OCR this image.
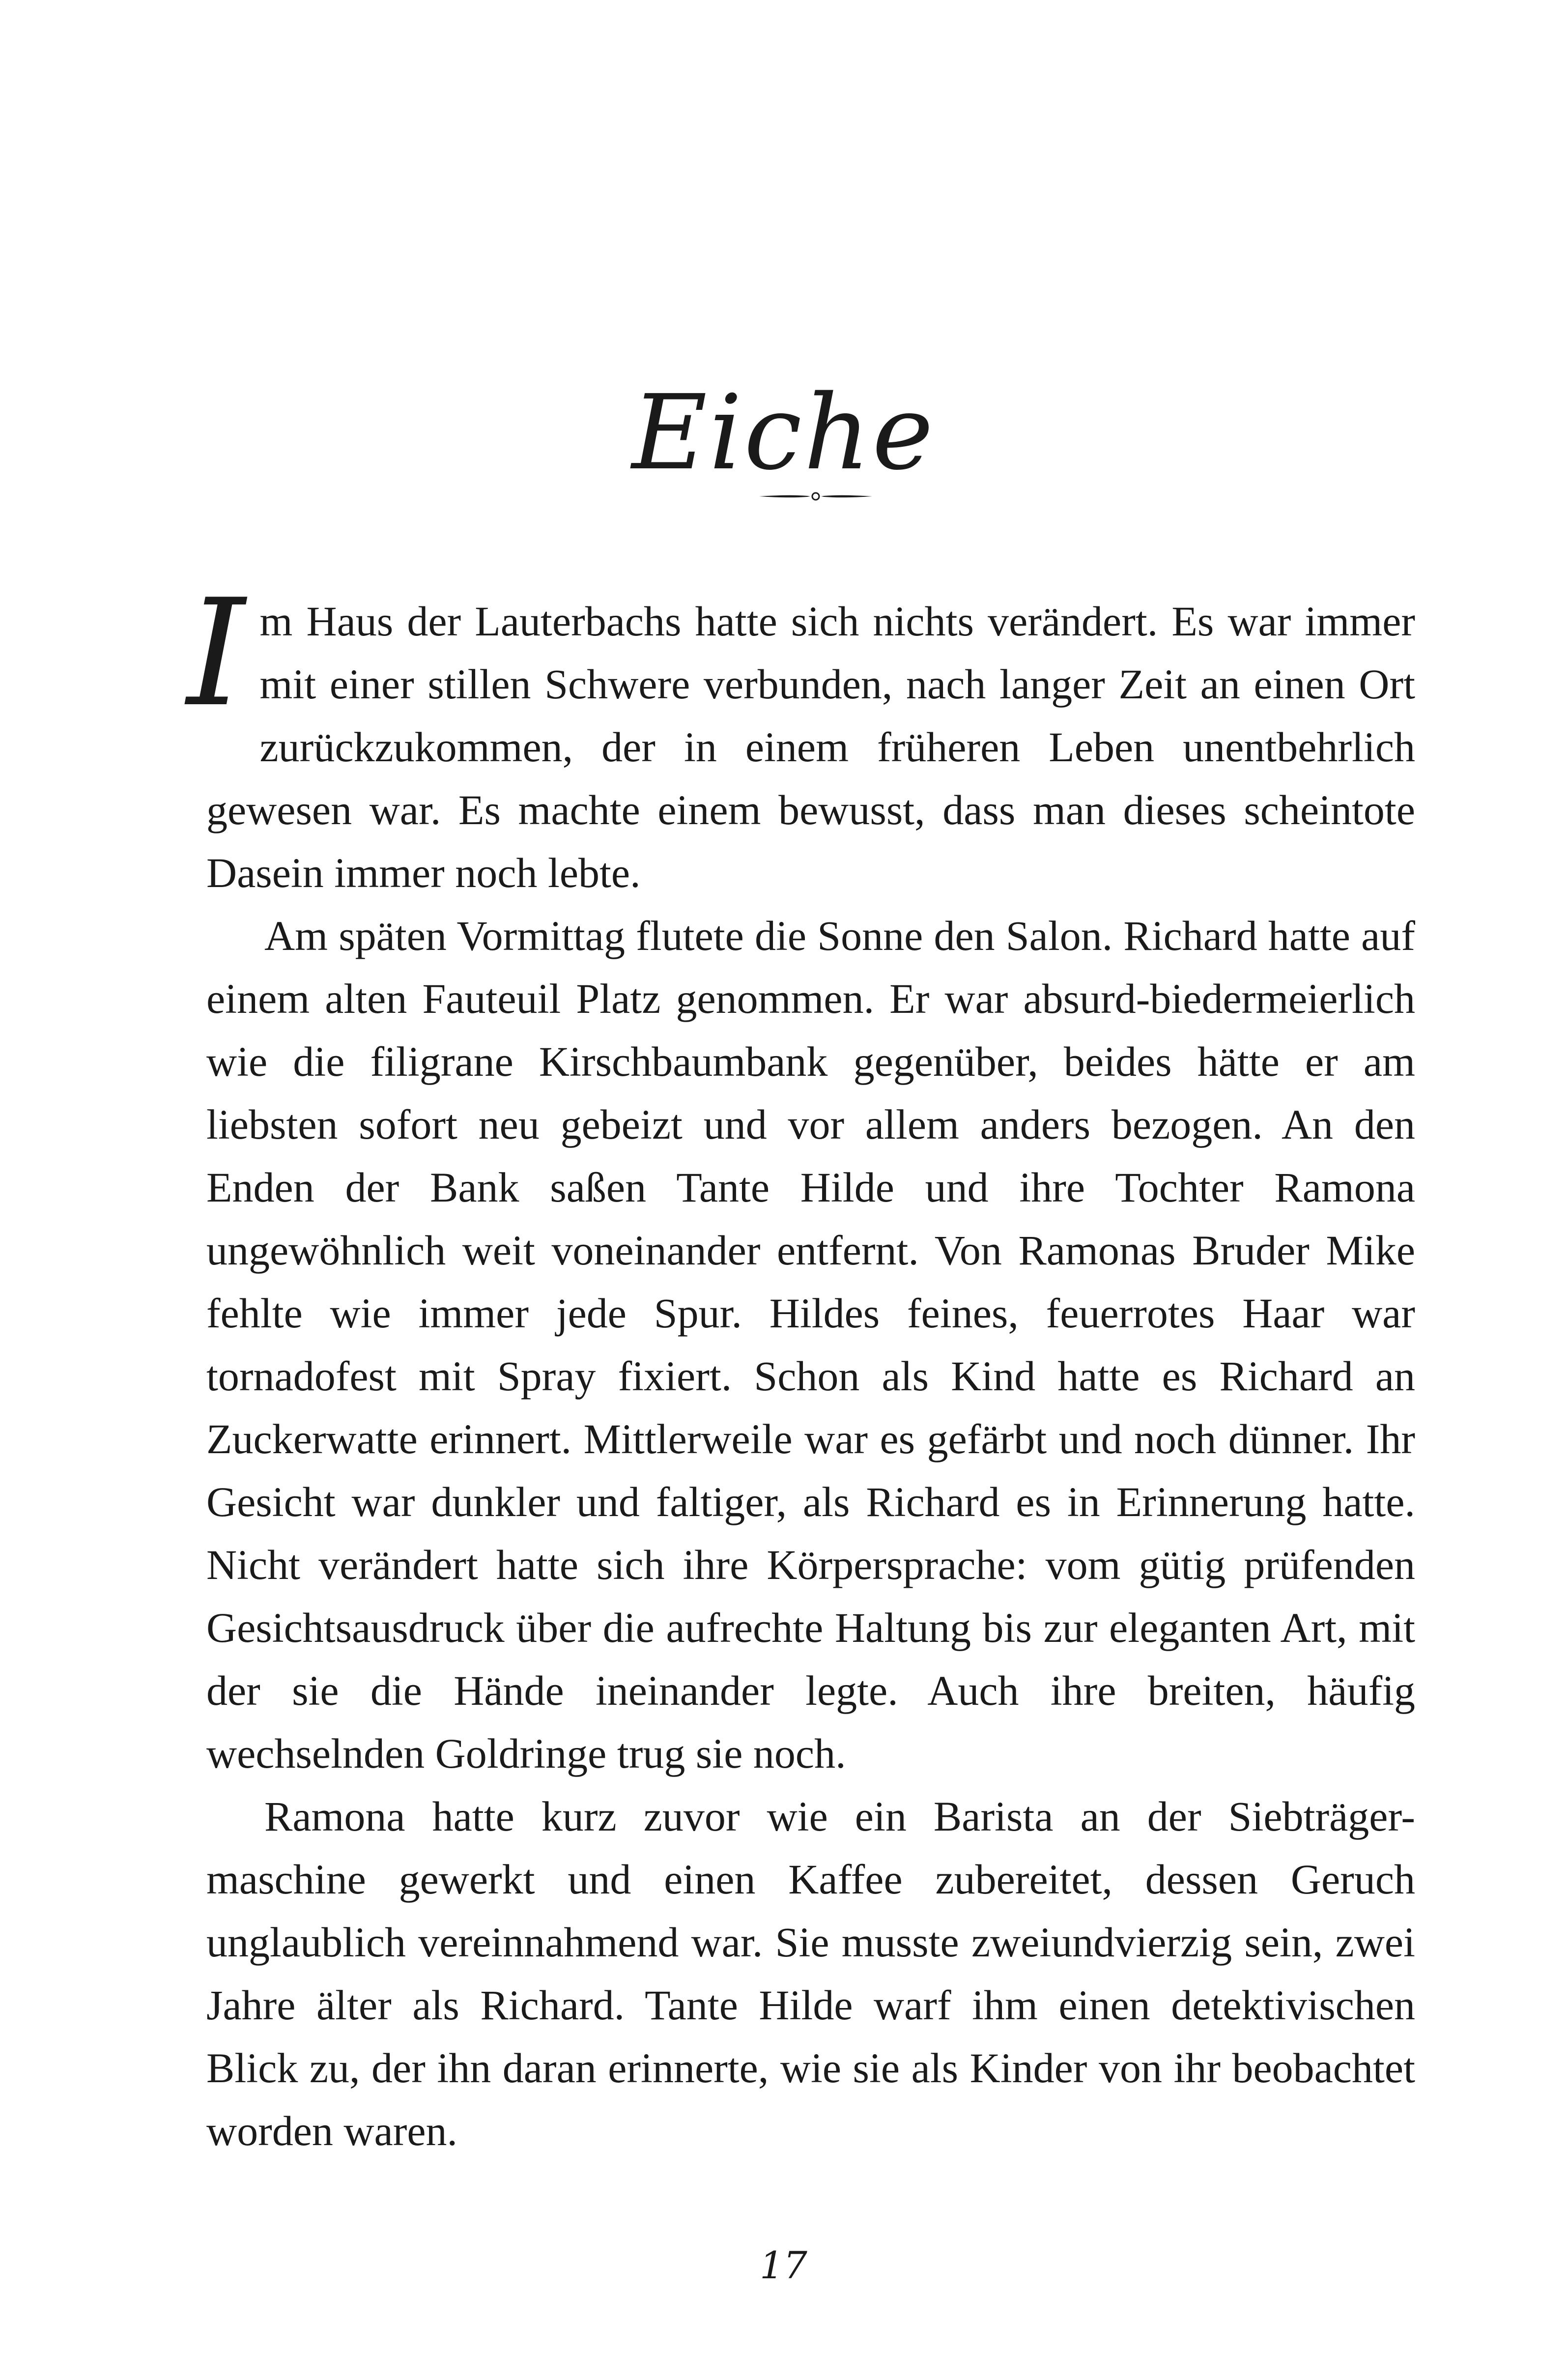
Eiche

Im Haus der Lauterbachs hatte sich nichts verändert. Es war immer mit einer stillen Schwere verbunden, nach langer Zeit an einen Ort zurückzukommen, der in einem früheren Leben unentbehrlich gewesen war. Es machte einem bewusst, dass man dieses scheintote Dasein immer noch lebte.

Am späten Vormittag flutete die Sonne den Salon. Richard hatte auf einem alten Fauteuil Platz genommen. Er war absurd-biedermeierlich wie die filigrane Kirschbaumbank gegenüber, beides hätte er am liebsten sofort neu gebeizt und vor allem anders bezogen. An den Enden der Bank saßen Tante Hilde und ihre Tochter Ramona ungewöhnlich weit voneinander entfernt. Von Ramonas Bruder Mike fehlte wie immer jede Spur. Hildes feines, feuerrotes Haar war tornadofest mit Spray fixiert. Schon als Kind hatte es Richard an Zuckerwatte erinnert. Mittlerweile war es gefärbt und noch dünner. Ihr Gesicht war dunkler und faltiger, als Richard es in Erinnerung hatte. Nicht verändert hatte sich ihre Körpersprache: vom gütig prüfenden Gesichtsausdruck über die aufrechte Haltung bis zur eleganten Art, mit der sie die Hände ineinander legte. Auch ihre breiten, häufig wechselnden Goldringe trug sie noch.

Ramona hatte kurz zuvor wie ein Barista an der Siebträger-maschine gewerkt und einen Kaffee zubereitet, dessen Geruch unglaublich vereinnahmend war. Sie musste zweiundvierzig sein, zwei Jahre älter als Richard. Tante Hilde warf ihm einen detektivischen Blick zu, der ihn daran erinnerte, wie sie als Kinder von ihr beobachtet worden waren.

17
